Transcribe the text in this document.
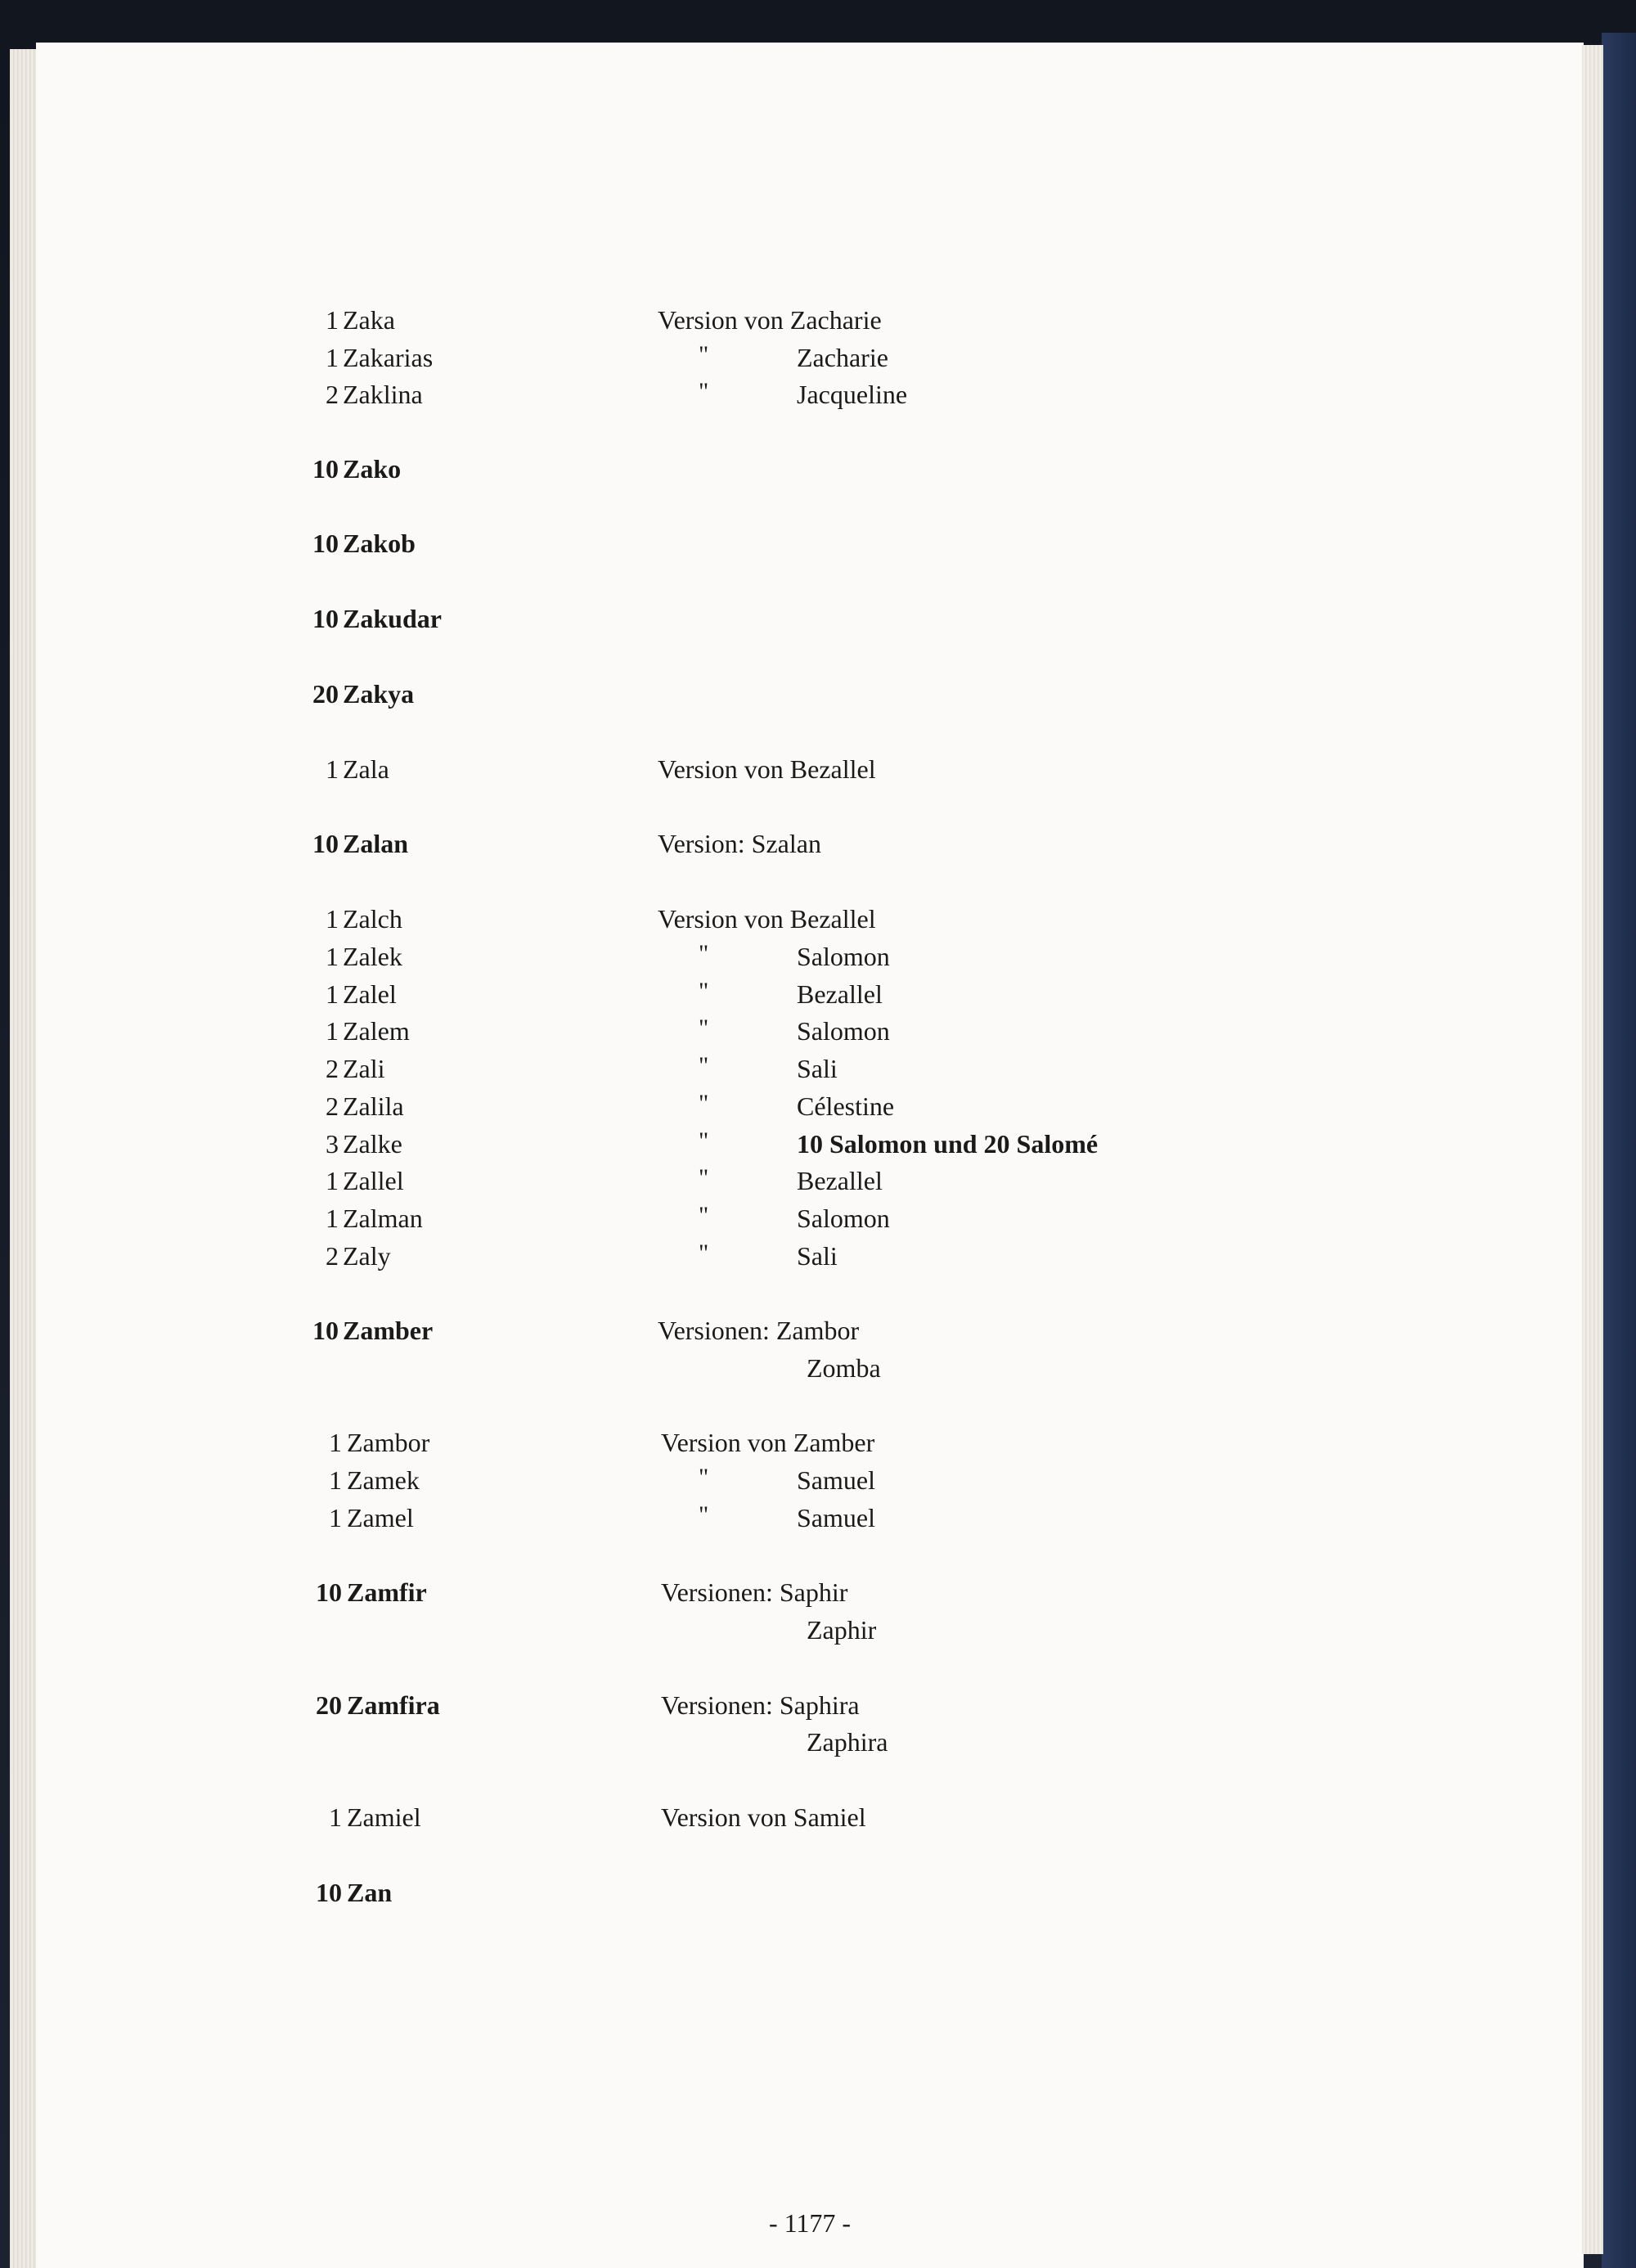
1 Zaka	Version von Zacharie
1 Zakarias	"	Zacharie
2 Zaklina	"	Jacqueline
10 Zako
10 Zakob
10 Zakudar
20 Zakya
1 Zala	Version von Bezallel
10 Zalan	Version: Szalan
1 Zalch	Version von Bezallel
1 Zalek	"	Salomon
1 Zalel	"	Bezallel
1 Zalem	"	Salomon
2 Zali	"	Sali
2 Zalila	"	Célestine
3 Zalke	"	10 Salomon und 20 Salomé
1 Zallel	"	Bezallel
1 Zalman	"	Salomon
2 Zaly	"	Sali
10 Zamber	Versionen: Zambor
Zomba
1 Zambor	Version von Zamber
1 Zamek	"	Samuel
1 Zamel	"	Samuel
10 Zamfir	Versionen: Saphir
Zaphir
20 Zamfira	Versionen: Saphira
Zaphira
1 Zamiel	Version von Samiel
10 Zan
- 1177 -
